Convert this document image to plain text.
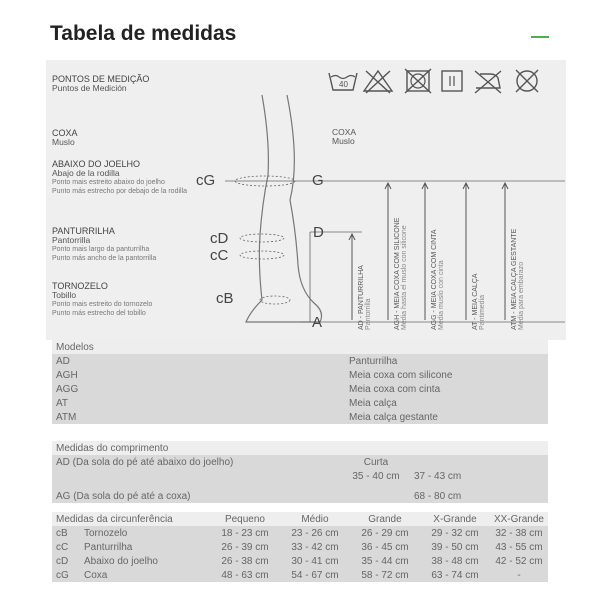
Tabela de medidas
PONTOS DE MEDIÇÃO
Puntos de Medición
COXA
Muslo
ABAIXO DO JOELHO
Abajo de la rodilla
Ponto mais estreito abaixo do joelho
Punto más estrecho por debajo de la rodilla
PANTURRILHA
Pantorrilla
Ponto mais largo da panturrilha
Punto más ancho de la pantorrilla
TORNOZELO
Tobillo
Ponto mais estreito do tornozelo
Punto más estrecho del tobillo
COXA
Muslo
40
cG	G
cD	D
cC
cB
A	AD - PANTURRILHA Pantorrilla	AGH - MEIA COXA COM SILICONE Media hasta el muslo con silicone	AGG - MEIA COXA COM CINTA Media muslo con cinta	AT - MEIA CALÇA Pantimedia	ATM - MEIA CALÇA GESTANTE Media para embarazo
Modelos	
AD	Panturrilha
AGH	Meia coxa com silicone
AGG	Meia coxa com cinta
AT	Meia calça
ATM	Meia calça gestante
Medidas do comprimento		
AD (Da sola do pé até abaixo do joelho)	Curta	
	35 - 40 cm	37 - 43 cm

AG (Da sola do pé até a coxa)		68 - 80 cm
Medidas da circunferência		Pequeno	Médio	Grande	X-Grande	XX-Grande
cB	Tornozelo	18 - 23 cm	23 - 26 cm	26 - 29 cm	29 - 32 cm	32 - 38 cm
cC	Panturrilha	26 - 39 cm	33 - 42 cm	36 - 45 cm	39 - 50 cm	43 - 55 cm
cD	Abaixo do joelho	26 - 38 cm	30 - 41 cm	35 - 44 cm	38 - 48 cm	42 - 52 cm
cG	Coxa	48 - 63 cm	54 - 67 cm	58 - 72 cm	63 - 74 cm	-
